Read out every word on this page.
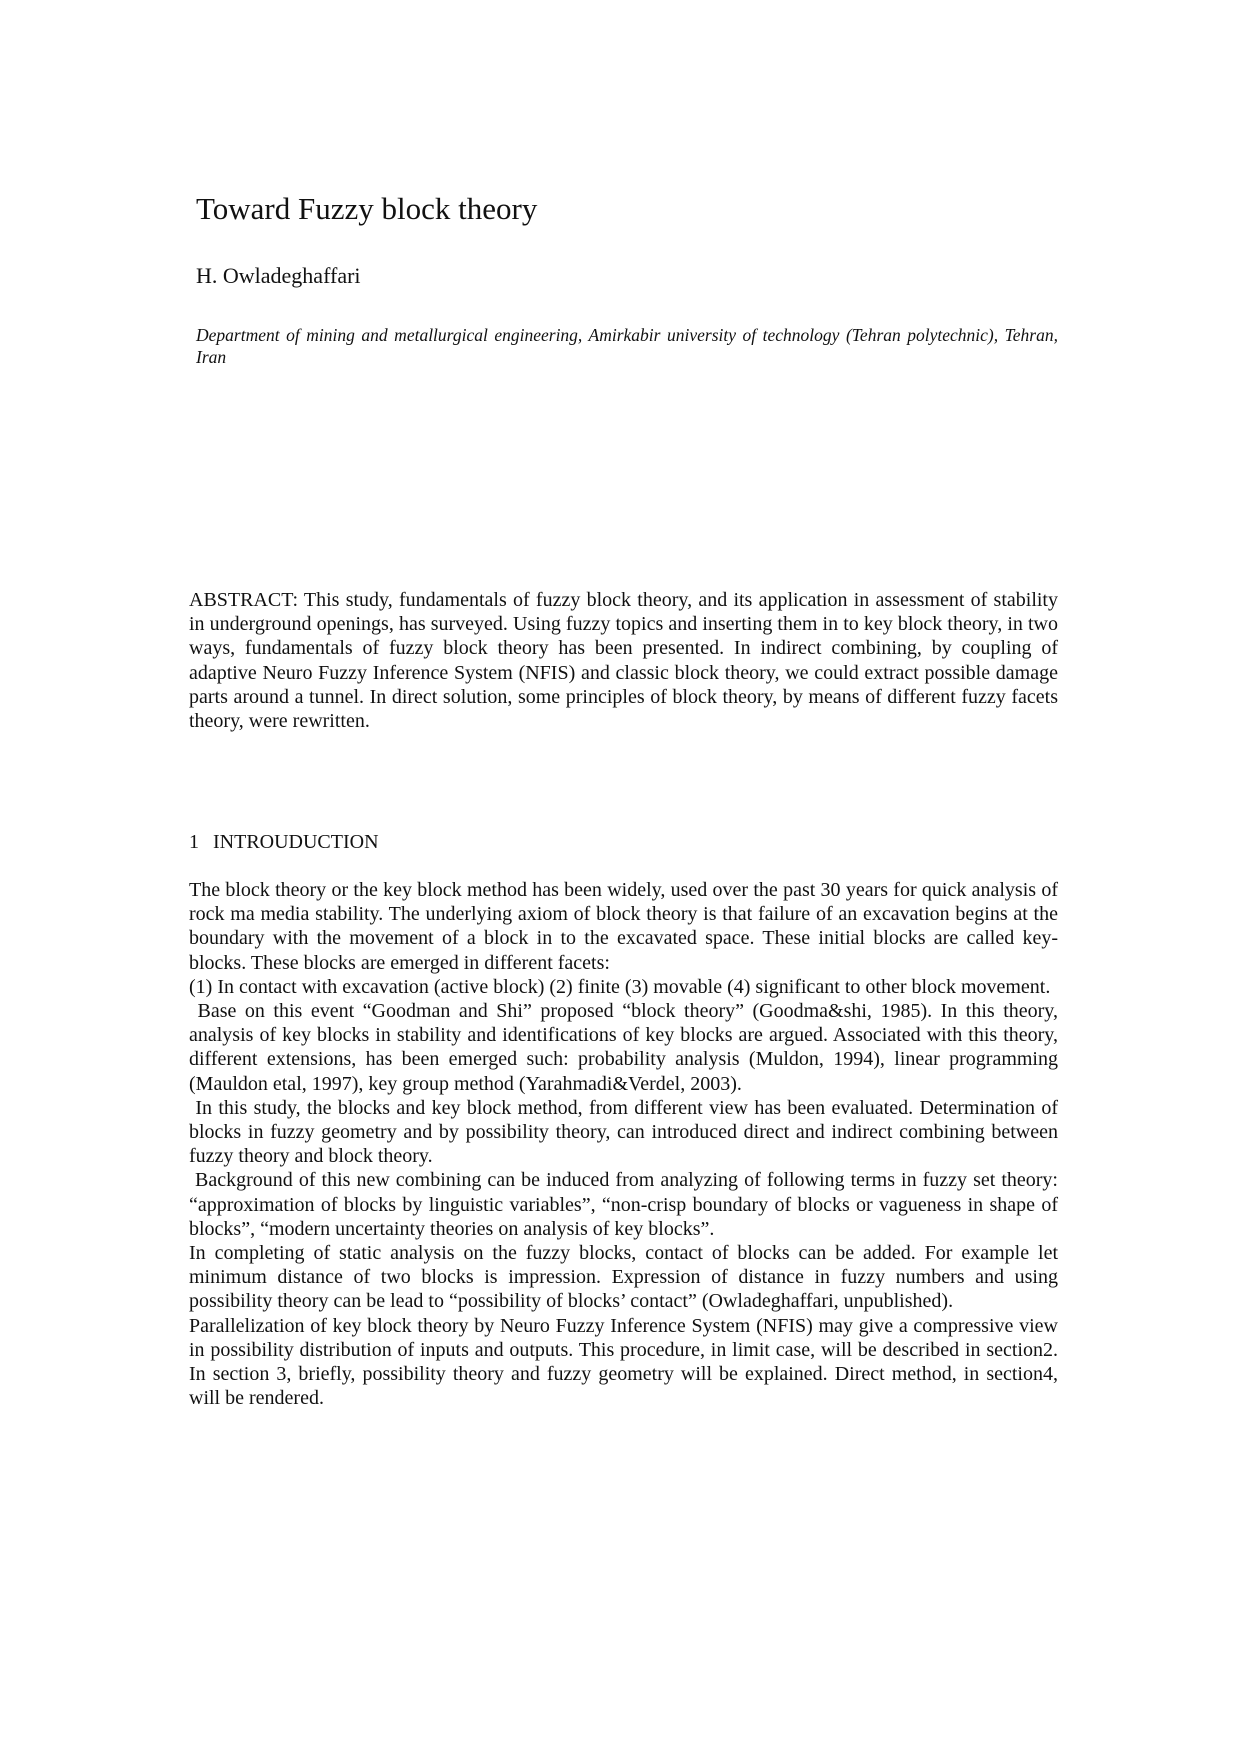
Toward Fuzzy block theory

H. Owladeghaffari

Department of mining and metallurgical engineering, Amirkabir university of technology (Tehran polytechnic), Tehran, Iran

ABSTRACT: This study, fundamentals of fuzzy block theory, and its application in assessment of stability in underground openings, has surveyed. Using fuzzy topics and inserting them in to key block theory, in two ways, fundamentals of fuzzy block theory has been presented. In indirect combining, by coupling of adaptive Neuro Fuzzy Inference System (NFIS) and classic block theory, we could extract possible damage parts around a tunnel. In direct solution, some principles of block theory, by means of different fuzzy facets theory, were rewritten.

1 INTROUDUCTION

The block theory or the key block method has been widely, used over the past 30 years for quick analysis of rock ma media stability. The underlying axiom of block theory is that failure of an excavation begins at the boundary with the movement of a block in to the excavated space. These initial blocks are called key-blocks. These blocks are emerged in different facets:

(1) In contact with excavation (active block) (2) finite (3) movable (4) significant to other block movement.

Base on this event “Goodman and Shi” proposed “block theory” (Goodma&shi, 1985). In this theory, analysis of key blocks in stability and identifications of key blocks are argued. Associated with this theory, different extensions, has been emerged such: probability analysis (Muldon, 1994), linear programming (Mauldon etal, 1997), key group method (Yarahmadi&Verdel, 2003).

In this study, the blocks and key block method, from different view has been evaluated. Determination of blocks in fuzzy geometry and by possibility theory, can introduced direct and indirect combining between fuzzy theory and block theory.

Background of this new combining can be induced from analyzing of following terms in fuzzy set theory: “approximation of blocks by linguistic variables”, “non-crisp boundary of blocks or vagueness in shape of blocks”, “modern uncertainty theories on analysis of key blocks”.

In completing of static analysis on the fuzzy blocks, contact of blocks can be added. For example let minimum distance of two blocks is impression. Expression of distance in fuzzy numbers and using possibility theory can be lead to “possibility of blocks’ contact” (Owladeghaffari, unpublished).

Parallelization of key block theory by Neuro Fuzzy Inference System (NFIS) may give a compressive view in possibility distribution of inputs and outputs. This procedure, in limit case, will be described in section2. In section 3, briefly, possibility theory and fuzzy geometry will be explained. Direct method, in section4, will be rendered.
